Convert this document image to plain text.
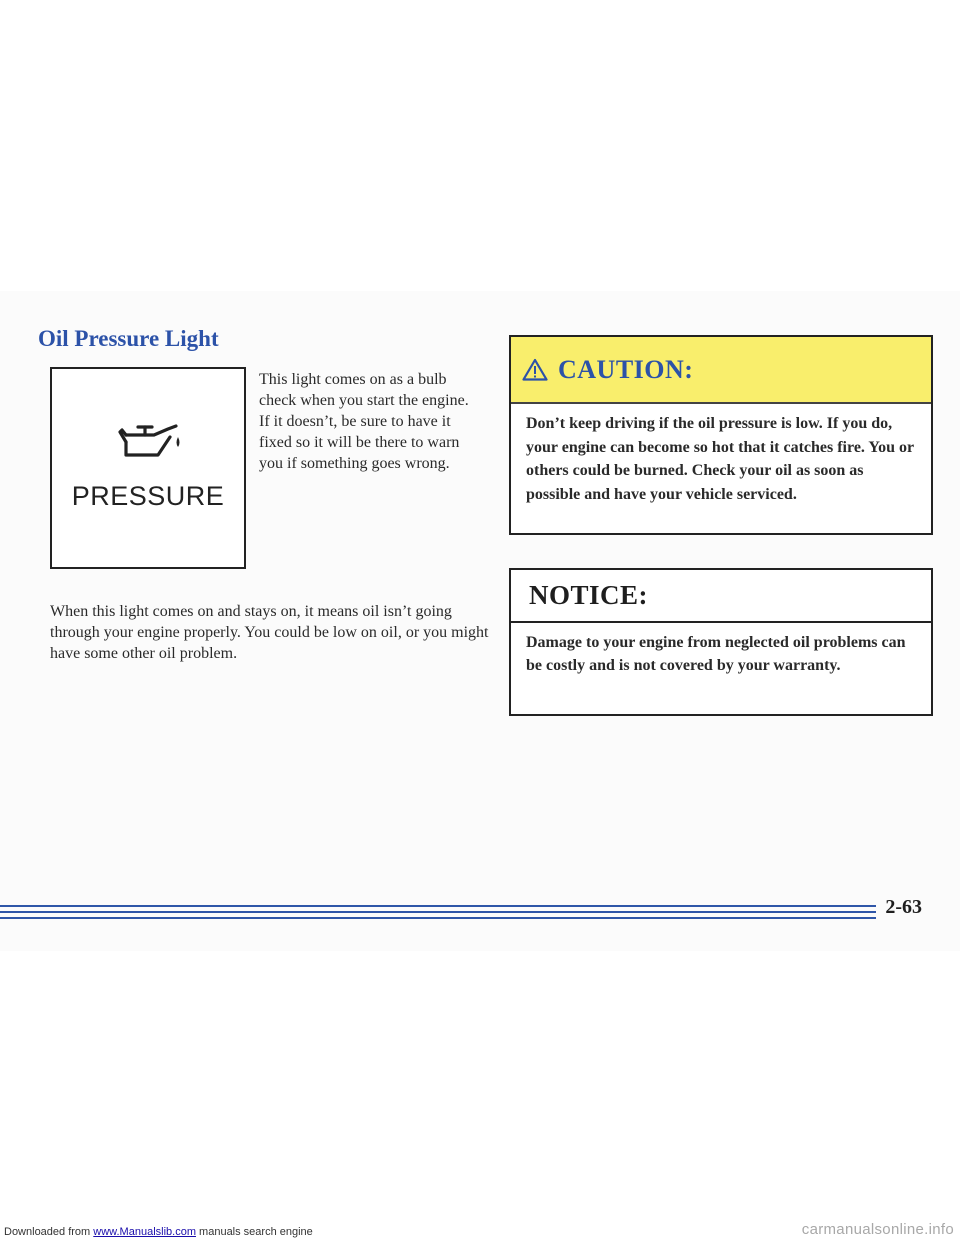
Oil Pressure Light
PRESSURE

This light comes on as a bulb check when you start the engine. If it doesn’t, be sure to have it fixed so it will be there to warn you if something goes wrong.

When this light comes on and stays on, it means oil isn’t going through your engine properly. You could be low on oil, or you might have some other oil problem.

CAUTION:
Don’t keep driving if the oil pressure is low. If you do, your engine can become so hot that it catches fire. You or others could be burned. Check your oil as soon as possible and have your vehicle serviced.
NOTICE:
Damage to your engine from neglected oil problems can be costly and is not covered by your warranty.
2-63
Downloaded from www.Manualslib.com manuals search engine	carmanualsonline.info
